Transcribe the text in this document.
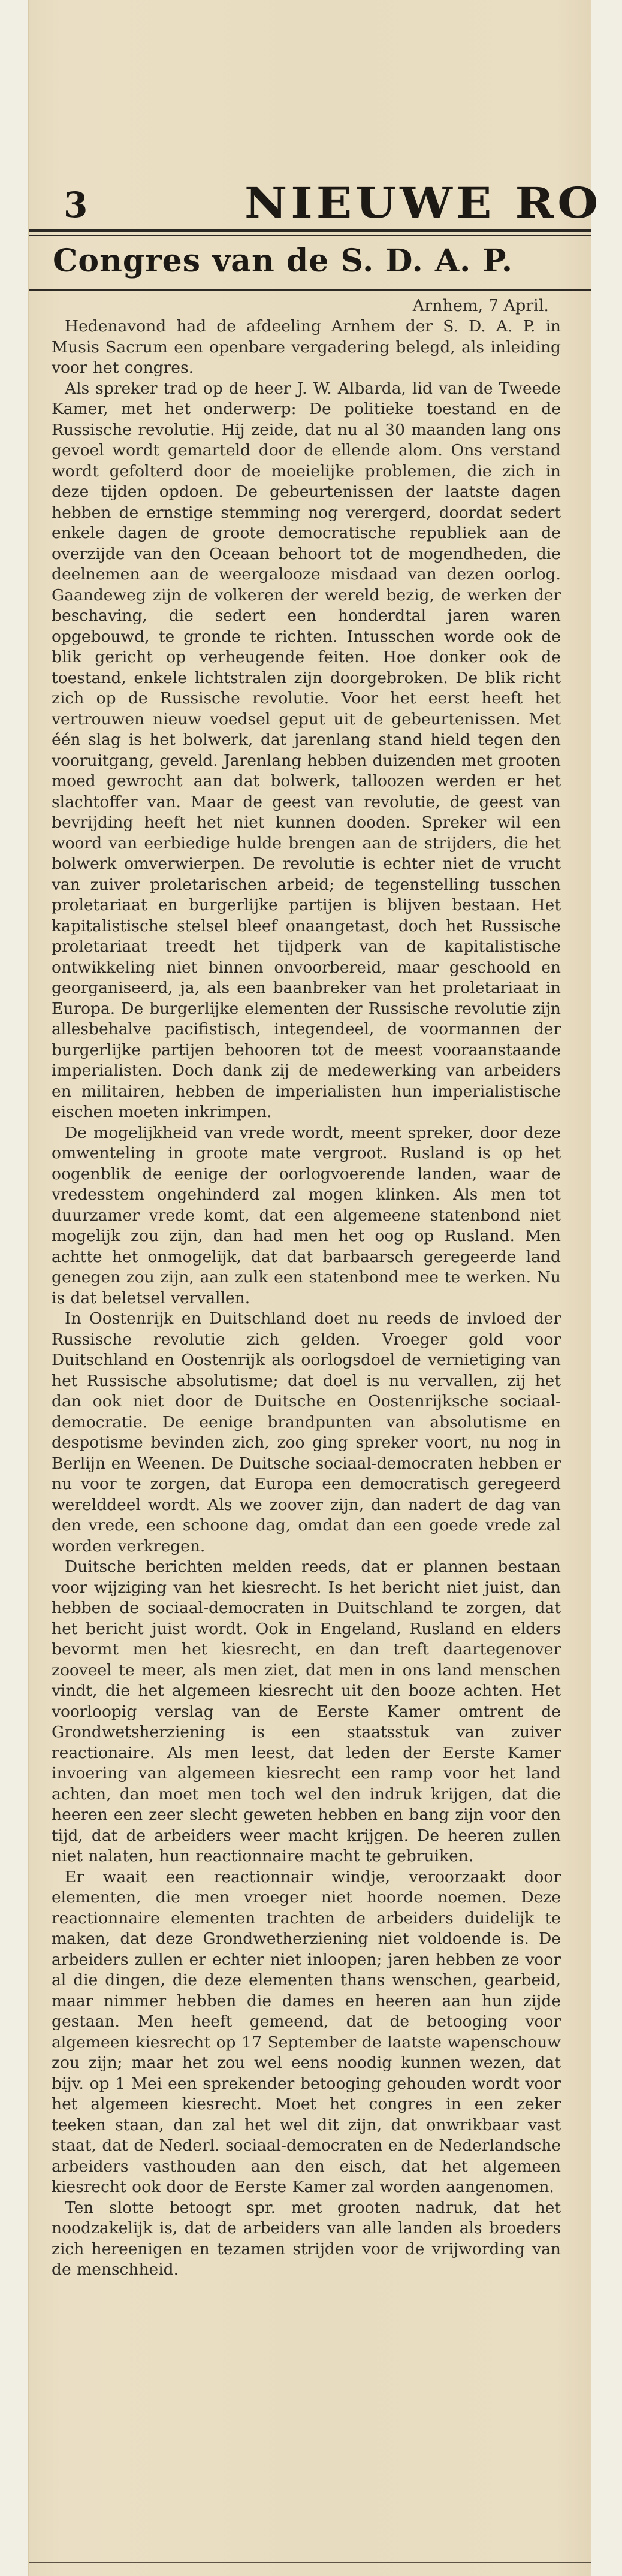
3	NIEUWE RO
Congres van de S. D. A. P.
Arnhem, 7 April.

Hedenavond had de afdeeling Arnhem der S. D. A. P. in Musis Sacrum een openbare vergadering belegd, als inleiding voor het congres.

Als spreker trad op de heer J. W. Albarda, lid van de Tweede Kamer, met het onderwerp: De politieke toestand en de Russische revolutie. Hij zeide, dat nu al 30 maanden lang ons gevoel wordt gemarteld door de ellende alom. Ons verstand wordt gefolterd door de moeielijke problemen, die zich in deze tijden opdoen. De gebeurtenissen der laatste dagen hebben de ernstige stemming nog verergerd, doordat sedert enkele dagen de groote democratische republiek aan de overzijde van den Oceaan behoort tot de mogendheden, die deelnemen aan de weergalooze misdaad van dezen oorlog. Gaandeweg zijn de volkeren der wereld bezig, de werken der beschaving, die sedert een honderdtal jaren waren opgebouwd, te gronde te richten. Intusschen worde ook de blik gericht op verheugende feiten. Hoe donker ook de toestand, enkele lichtstralen zijn doorgebroken. De blik richt zich op de Russische revolutie. Voor het eerst heeft het vertrouwen nieuw voedsel geput uit de gebeurtenissen. Met één slag is het bolwerk, dat jarenlang stand hield tegen den vooruitgang, geveld. Jarenlang hebben duizenden met grooten moed gewrocht aan dat bolwerk, talloozen werden er het slachtoffer van. Maar de geest van revolutie, de geest van bevrijding heeft het niet kunnen dooden. Spreker wil een woord van eerbiedige hulde brengen aan de strijders, die het bolwerk omverwierpen. De revolutie is echter niet de vrucht van zuiver proletarischen arbeid; de tegenstelling tusschen proletariaat en burgerlijke partijen is blijven bestaan. Het kapitalistische stelsel bleef onaangetast, doch het Russische proletariaat treedt het tijdperk van de kapitalistische ontwikkeling niet binnen onvoorbereid, maar geschoold en georganiseerd, ja, als een baanbreker van het proletariaat in Europa. De burgerlijke elementen der Russische revolutie zijn allesbehalve pacifistisch, integendeel, de voormannen der burgerlijke partijen behooren tot de meest vooraanstaande imperialisten. Doch dank zij de medewerking van arbeiders en militairen, hebben de imperialisten hun imperialistische eischen moeten inkrimpen.

De mogelijkheid van vrede wordt, meent spreker, door deze omwenteling in groote mate vergroot. Rusland is op het oogenblik de eenige der oorlogvoerende landen, waar de vredesstem ongehinderd zal mogen klinken. Als men tot duurzamer vrede komt, dat een algemeene statenbond niet mogelijk zou zijn, dan had men het oog op Rusland. Men achtte het onmogelijk, dat dat barbaarsch geregeerde land genegen zou zijn, aan zulk een statenbond mee te werken. Nu is dat beletsel vervallen.

In Oostenrijk en Duitschland doet nu reeds de invloed der Russische revolutie zich gelden. Vroeger gold voor Duitschland en Oostenrijk als oorlogsdoel de vernietiging van het Russische absolutisme; dat doel is nu vervallen, zij het dan ook niet door de Duitsche en Oostenrijksche sociaal-democratie. De eenige brandpunten van absolutisme en despotisme bevinden zich, zoo ging spreker voort, nu nog in Berlijn en Weenen. De Duitsche sociaal-democraten hebben er nu voor te zorgen, dat Europa een democratisch geregeerd werelddeel wordt. Als we zoover zijn, dan nadert de dag van den vrede, een schoone dag, omdat dan een goede vrede zal worden verkregen.

Duitsche berichten melden reeds, dat er plannen bestaan voor wijziging van het kiesrecht. Is het bericht niet juist, dan hebben de sociaal-democraten in Duitschland te zorgen, dat het bericht juist wordt. Ook in Engeland, Rusland en elders bevormt men het kiesrecht, en dan treft daartegenover zooveel te meer, als men ziet, dat men in ons land menschen vindt, die het algemeen kiesrecht uit den booze achten. Het voorloopig verslag van de Eerste Kamer omtrent de Grondwetsherziening is een staatsstuk van zuiver reactionaire. Als men leest, dat leden der Eerste Kamer invoering van algemeen kiesrecht een ramp voor het land achten, dan moet men toch wel den indruk krijgen, dat die heeren een zeer slecht geweten hebben en bang zijn voor den tijd, dat de arbeiders weer macht krijgen. De heeren zullen niet nalaten, hun reactionnaire macht te gebruiken.

Er waait een reactionnair windje, veroorzaakt door elementen, die men vroeger niet hoorde noemen. Deze reactionnaire elementen trachten de arbeiders duidelijk te maken, dat deze Grondwetherziening niet voldoende is. De arbeiders zullen er echter niet inloopen; jaren hebben ze voor al die dingen, die deze elementen thans wenschen, gearbeid, maar nimmer hebben die dames en heeren aan hun zijde gestaan. Men heeft gemeend, dat de betooging voor algemeen kiesrecht op 17 September de laatste wapenschouw zou zijn; maar het zou wel eens noodig kunnen wezen, dat bijv. op 1 Mei een sprekender betooging gehouden wordt voor het algemeen kiesrecht. Moet het congres in een zeker teeken staan, dan zal het wel dit zijn, dat onwrikbaar vast staat, dat de Nederl. sociaal-democraten en de Nederlandsche arbeiders vasthouden aan den eisch, dat het algemeen kiesrecht ook door de Eerste Kamer zal worden aangenomen.

Ten slotte betoogt spr. met grooten nadruk, dat het noodzakelijk is, dat de arbeiders van alle landen als broeders zich hereenigen en tezamen strijden voor de vrijwording van de menschheid.
